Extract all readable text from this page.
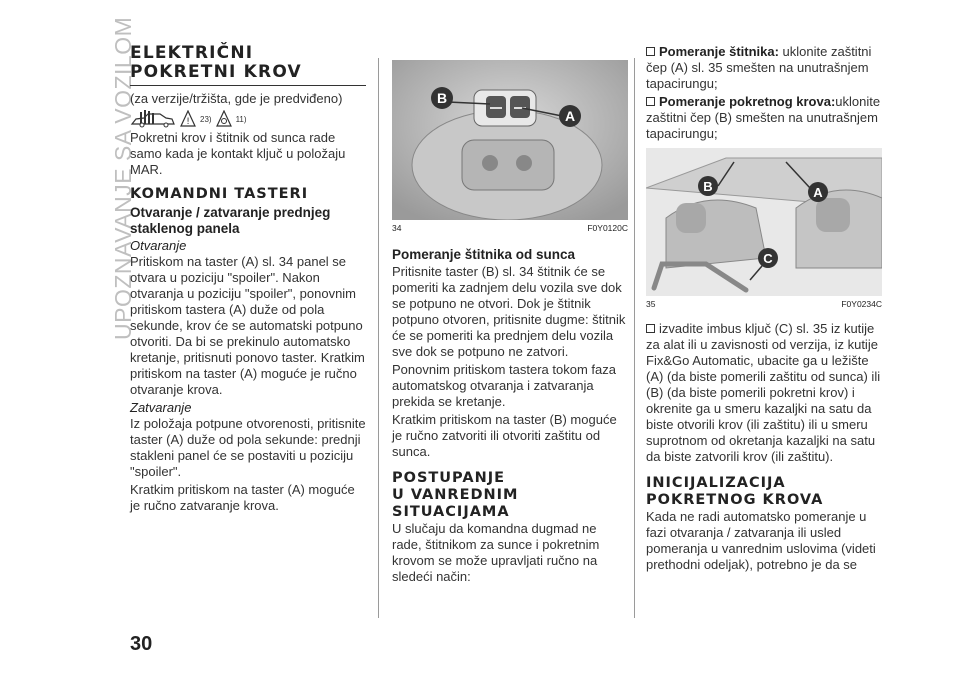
UPOZNAVANJE SA VOZILOM
ELEKTRIČNI
POKRETNI KROV

(za verzije/tržišta, gde je predviđeno)

! 23)	11)

Pokretni krov i štitnik od sunca rade samo kada je kontakt ključ u položaju MAR.

KOMANDNI TASTERI
Otvaranje / zatvaranje prednjeg staklenog panela

Otvaranje

Pritiskom na taster (A) sl. 34 panel se otvara u poziciju "spoiler". Nakon otvaranja u poziciju "spoiler", ponovnim pritiskom tastera (A) duže od pola sekunde, krov će se automatski potpuno otvoriti. Da bi se prekinulo automatsko kretanje, pritisnuti ponovo taster. Kratkim pritiskom na taster (A) moguće je ručno otvaranje krova.

Zatvaranje

Iz položaja potpune otvorenosti, pritisnite taster (A) duže od pola sekunde: prednji stakleni panel će se postaviti u poziciju "spoiler".

Kratkim pritiskom na taster (A) moguće je ručno zatvaranje krova.

B
A
34	F0Y0120C
Pomeranje štitnika od sunca

Pritisnite taster (B) sl. 34 štitnik će se pomeriti ka zadnjem delu vozila sve dok se potpuno ne otvori. Dok je štitnik potpuno otvoren, pritisnite dugme: štitnik će se pomeriti ka prednjem delu vozila sve dok se potpuno ne zatvori.

Ponovnim pritiskom tastera tokom faza automatskog otvaranja i zatvaranja prekida se kretanje.

Kratkim pritiskom na taster (B) moguće je ručno zatvoriti ili otvoriti zaštitu od sunca.

POSTUPANJE
U VANREDNIM
SITUACIJAMA

U slučaju da komandna dugmad ne rade, štitnikom za sunce i pokretnim krovom se može upravljati ručno na sledeći način:

Pomeranje štitnika: uklonite zaštitni čep (A) sl. 35 smešten na unutrašnjem tapacirungu;

Pomeranje pokretnog krova:uklonite zaštitni čep (B) smešten na unutrašnjem tapacirungu;

B	A
C
35	F0Y0234C

izvadite imbus ključ (C) sl. 35 iz kutije za alat ili u zavisnosti od verzija, iz kutije Fix&Go Automatic, ubacite ga u ležište (A) (da biste pomerili zaštitu od sunca) ili (B) (da biste pomerili pokretni krov) i okrenite ga u smeru kazaljki na satu da biste otvorili krov (ili zaštitu) ili u smeru suprotnom od okretanja kazaljki na satu da biste zatvorili krov (ili zaštitu).

INICIJALIZACIJA
POKRETNOG KROVA

Kada ne radi automatsko pomeranje u fazi otvaranja / zatvaranja ili usled pomeranja u vanrednim uslovima (videti prethodni odeljak), potrebno je da se

30
